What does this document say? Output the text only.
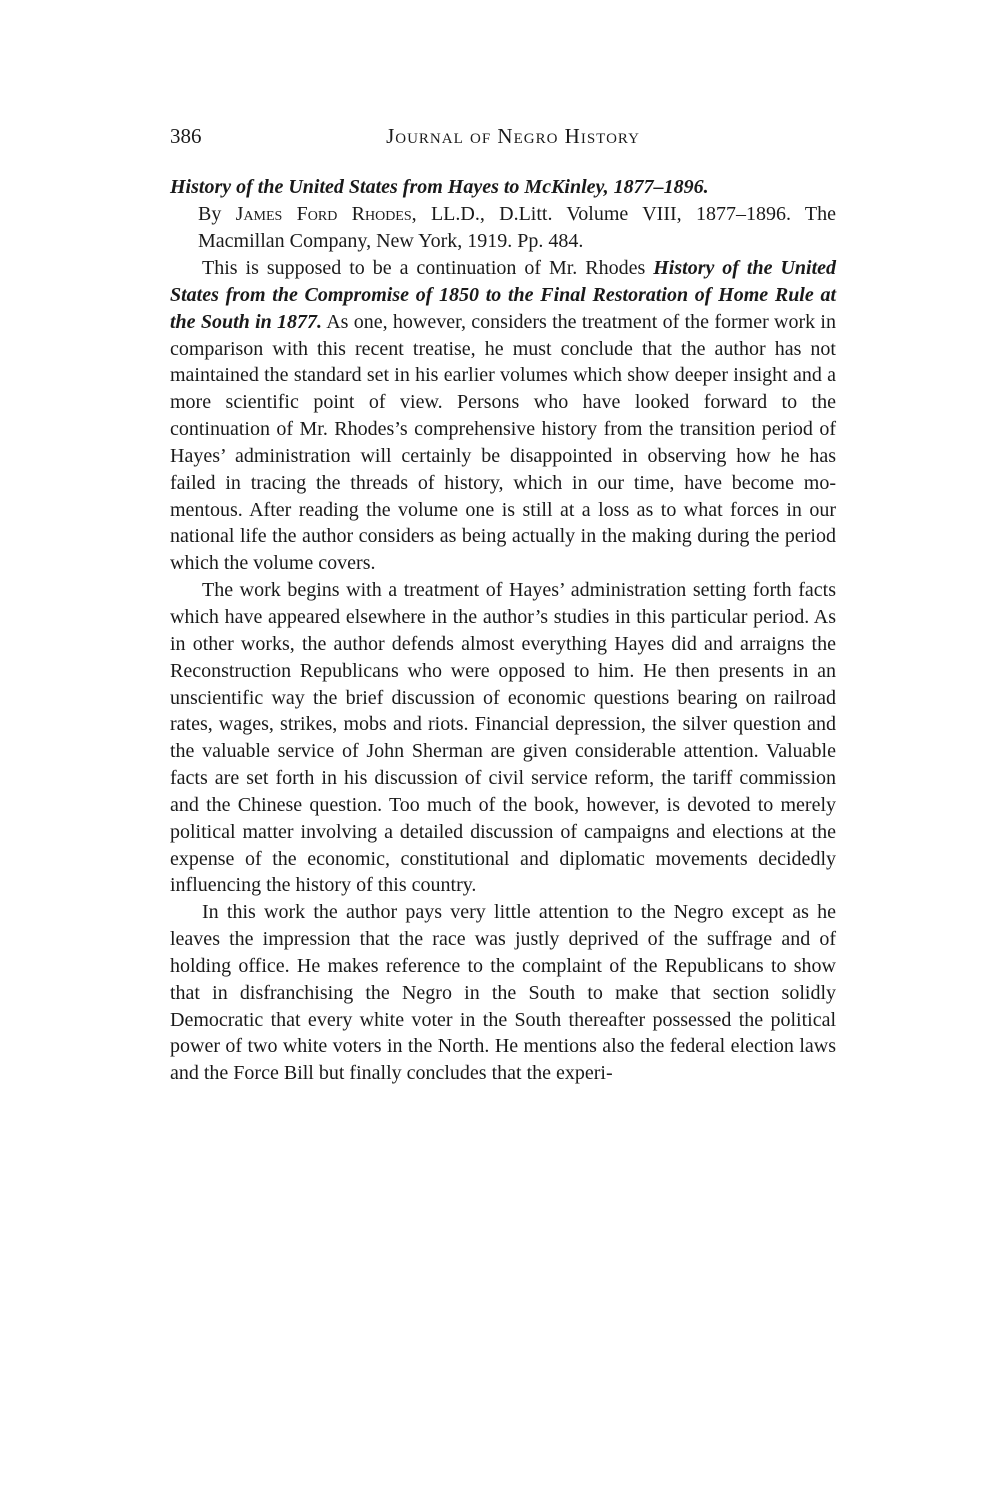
386	Journal of Negro History
History of the United States from Hayes to McKinley, 1877–1896.
By James Ford Rhodes, LL.D., D.Litt. Volume VIII, 1877–1896. The Macmillan Company, New York, 1919. Pp. 484.

This is supposed to be a continuation of Mr. Rhodes History of the United States from the Compromise of 1850 to the Final Restoration of Home Rule at the South in 1877. As one, however, considers the treatment of the former work in comparison with this recent treatise, he must conclude that the author has not maintained the standard set in his earlier volumes which show deeper insight and a more scientific point of view. Persons who have looked forward to the continuation of Mr. Rhodes’s comprehensive history from the transition period of Hayes’ administration will certainly be disappointed in observing how he has failed in tracing the threads of history, which in our time, have become momentous. After reading the volume one is still at a loss as to what forces in our national life the author considers as being actually in the making during the period which the volume covers.

The work begins with a treatment of Hayes’ administration setting forth facts which have appeared elsewhere in the author’s studies in this particular period. As in other works, the author defends almost everything Hayes did and arraigns the Reconstruction Republicans who were opposed to him. He then presents in an unscientific way the brief discussion of economic questions bearing on railroad rates, wages, strikes, mobs and riots. Financial depression, the silver question and the valuable service of John Sherman are given considerable attention. Valuable facts are set forth in his discussion of civil service reform, the tariff commission and the Chinese question. Too much of the book, however, is devoted to merely political matter involving a detailed discussion of campaigns and elections at the expense of the economic, constitutional and diplomatic movements decidedly influencing the history of this country.

In this work the author pays very little attention to the Negro except as he leaves the impression that the race was justly deprived of the suffrage and of holding office. He makes reference to the complaint of the Republicans to show that in disfranchising the Negro in the South to make that section solidly Democratic that every white voter in the South thereafter possessed the political power of two white voters in the North. He mentions also the federal election laws and the Force Bill but finally concludes that the experi-
